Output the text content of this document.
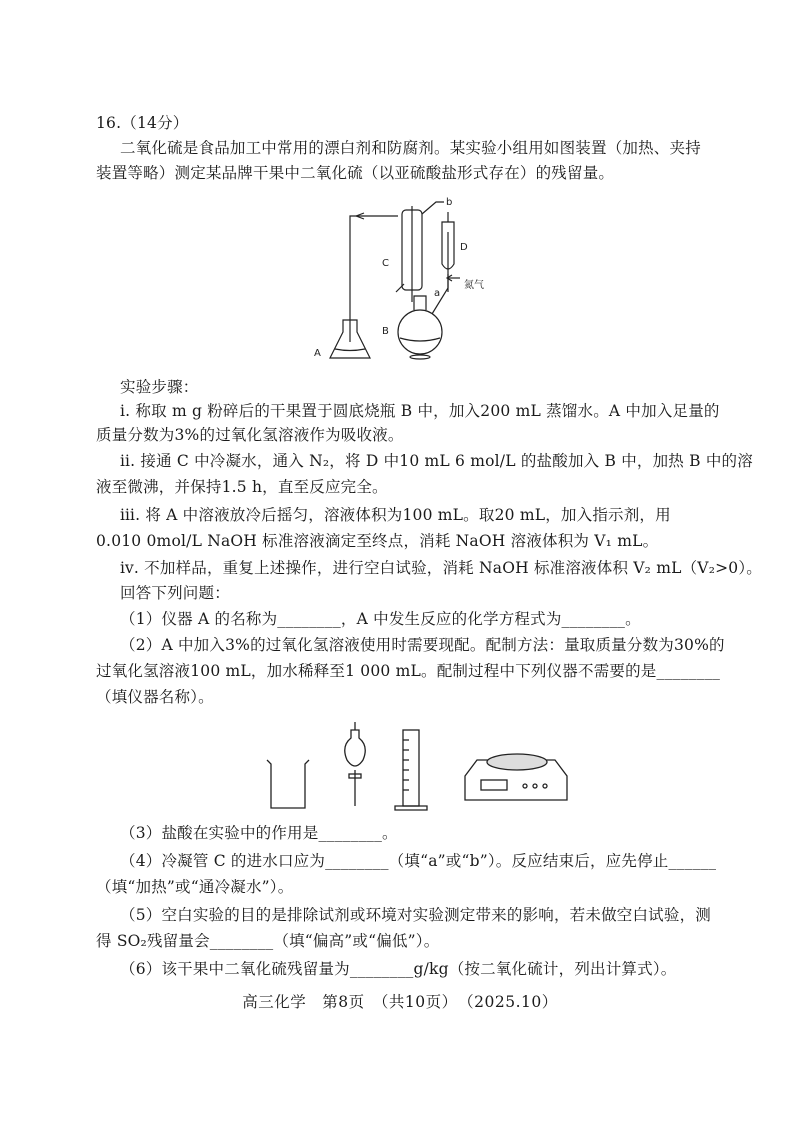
16.（14分）
二氧化硫是食品加工中常用的漂白剂和防腐剂。某实验小组用如图装置（加热、夹持
装置等略）测定某品牌干果中二氧化硫（以亚硫酸盐形式存在）的残留量。
b
C
D
a
氮气
B
A
实验步骤：
ⅰ. 称取 m g 粉碎后的干果置于圆底烧瓶 B 中，加入200 mL 蒸馏水。A 中加入足量的
质量分数为3%的过氧化氢溶液作为吸收液。
ⅱ. 接通 C 中冷凝水，通入 N₂，将 D 中10 mL 6 mol/L 的盐酸加入 B 中，加热 B 中的溶
液至微沸，并保持1.5 h，直至反应完全。
ⅲ. 将 A 中溶液放冷后摇匀，溶液体积为100 mL。取20 mL，加入指示剂，用
0.010 0mol/L NaOH 标准溶液滴定至终点，消耗 NaOH 溶液体积为 V₁ mL。
ⅳ. 不加样品，重复上述操作，进行空白试验，消耗 NaOH 标准溶液体积 V₂ mL（V₂>0）。
回答下列问题：
（1）仪器 A 的名称为________，A 中发生反应的化学方程式为________。
（2）A 中加入3%的过氧化氢溶液使用时需要现配。配制方法：量取质量分数为30%的
过氧化氢溶液100 mL，加水稀释至1 000 mL。配制过程中下列仪器不需要的是________
（填仪器名称）。
（3）盐酸在实验中的作用是________。
（4）冷凝管 C 的进水口应为________（填“a”或“b”）。反应结束后，应先停止______
（填“加热”或“通冷凝水”）。
（5）空白实验的目的是排除试剂或环境对实验测定带来的影响，若未做空白试验，测
得 SO₂残留量会________（填“偏高”或“偏低”）。
（6）该干果中二氧化硫残留量为________g/kg（按二氧化硫计，列出计算式）。
高三化学　第8页　（共10页）　（2025.10）
